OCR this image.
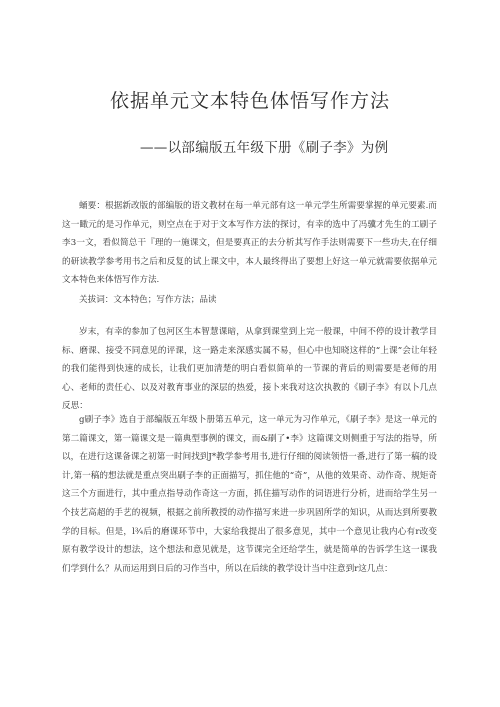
依据单元文本特色体悟写作方法
——以部编版五年级下册《刷子李》为例

蛹要：根据新改版的部编版的语文教材在每一单元部有这一单元学生所需要掌握的单元要素.而这一瞰元的是习作单元，则空点在于对于文本写作方法的探讨，有幸的选中了冯骥才先生的工刷子李3一文，看似简总干『理的一施课文，但是要真正的去分析其写作手法则需要下一些功夫,在仔细的研读教学参考用书之后和反复的试上课文中，本人最终得出了要想上好这一单元就需要依据单元文本特色来体悟写作方法.

关拔词：文本特色；写作方法；品读

岁末，有幸的参加了包河区生本智慧课暗，从拿到课堂到上完一般课，中间不停的设计教学目标、磨课、接受不同意见的评课，这一路走来深感实属不易，但心中也知晓这样的“上课”会让年轻的我们能得到快速的成长，让我们更加清楚的明白看似简单的一节课的背后的则需要是老师的用心、老师的责任心、以及对教育事业的深层的热爱，接卜来我对这次执教的《刷子李》有以卜几点反思：

g刷子李》选自于部编版五年级卜册第五单元，这一单元为习作单元，《刷子李》是这一单元的第二篇课文，第一篇课文是一篇典型事例的课文，而&刷了•李》这篇课文则侧重于写法的指导，所以，在进行这课备课之初第一时间找到J*教学参考用书,进行仔细的阅读领悟一番,进行了第一稿的设计,第一稿的想法就是重点突出刷子李的正面描写，抓住他的“奇”，从他的效果奇、动作奇、规矩奇这三个方面进行，其中重点指导动作奇这一方面，抓住描写动作的词语进行分析，进而给学生另一个技艺高超的手艺的视频，根据之前所教授的动作描写来进一步巩固所学的知识，从而达到所要教学的目标。但是，l¾后的磨课环节中，大家给我提出了很多意见，其中一个意见让我内心有r改变原有教学设计的想法，这个想法和意见就是，这节课完全还给学生，就是简单的告诉学生这一课我们学到什么？从而运用到日后的习作当中，所以在后续的教学设计当中注意到r这几点：
